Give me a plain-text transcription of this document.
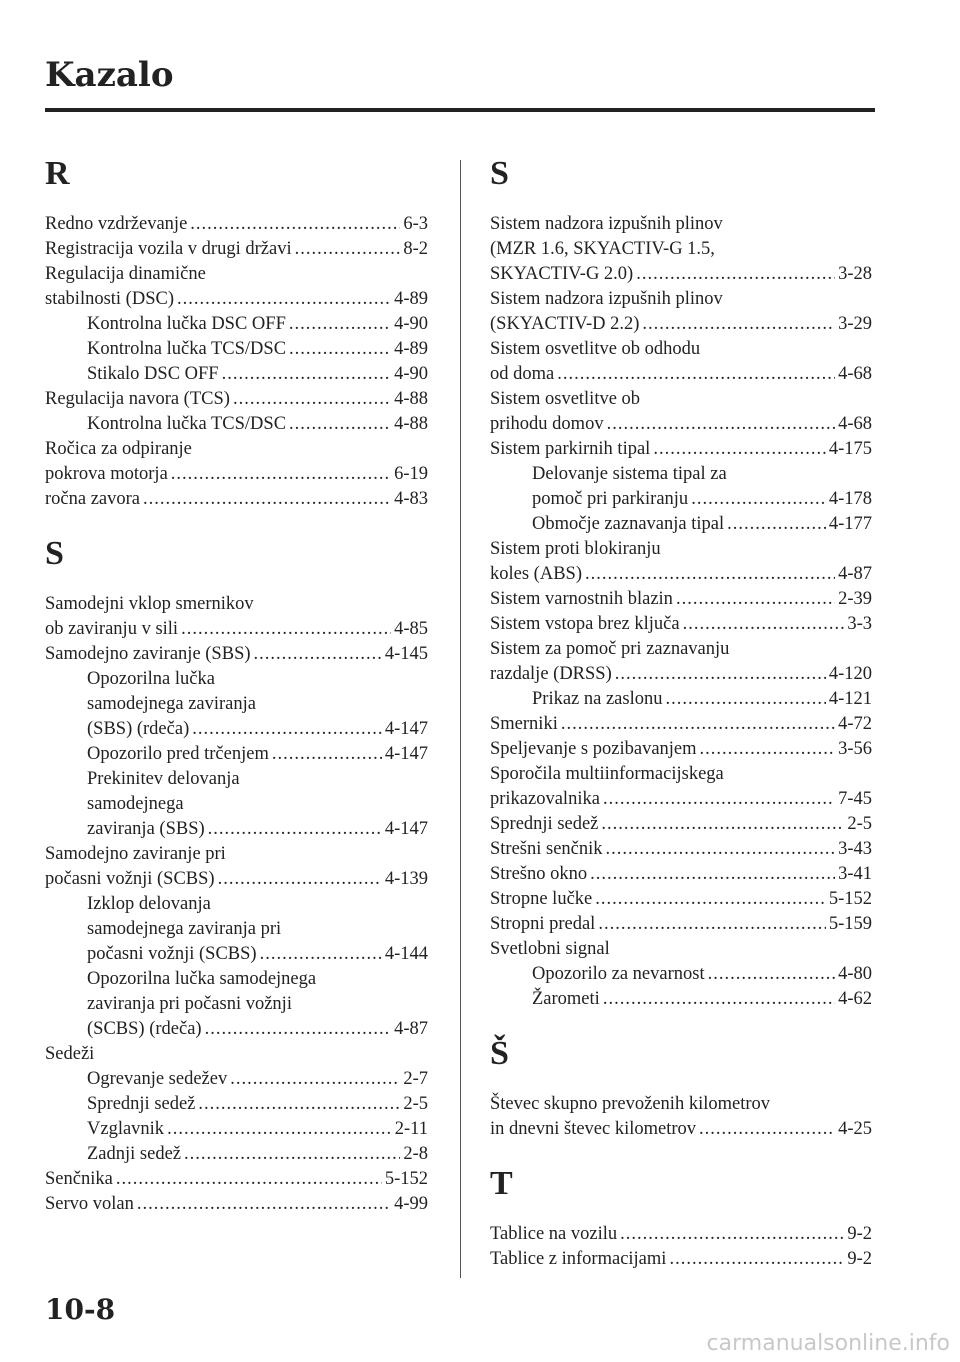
Kazalo
R
Redno vzdrževanje .....	6-3
Registracija vozila v drugi državi .....	8-2
Regulacija dinamične
stabilnosti (DSC) .....	4-89
Kontrolna lučka DSC OFF .....	4-90
Kontrolna lučka TCS/DSC .....	4-89
Stikalo DSC OFF .....	4-90
Regulacija navora (TCS) .....	4-88
Kontrolna lučka TCS/DSC .....	4-88
Ročica za odpiranje
pokrova motorja .....	6-19
ročna zavora .....	4-83
S
Samodejni vklop smernikov
ob zaviranju v sili .....	4-85
Samodejno zaviranje (SBS) .....	4-145
Opozorilna lučka
samodejnega zaviranja
(SBS) (rdeča) .....	4-147
Opozorilo pred trčenjem .....	4-147
Prekinitev delovanja
samodejnega
zaviranja (SBS) .....	4-147
Samodejno zaviranje pri
počasni vožnji (SCBS) .....	4-139
Izklop delovanja
samodejnega zaviranja pri
počasni vožnji (SCBS) .....	4-144
Opozorilna lučka samodejnega
zaviranja pri počasni vožnji
(SCBS) (rdeča) .....	4-87
Sedeži
Ogrevanje sedežev .....	2-7
Sprednji sedež .....	2-5
Vzglavnik .....	2-11
Zadnji sedež .....	2-8
Senčnika .....	5-152
Servo volan .....	4-99
S
Sistem nadzora izpušnih plinov
(MZR 1.6, SKYACTIV-G 1.5,
SKYACTIV-G 2.0) .....	3-28
Sistem nadzora izpušnih plinov
(SKYACTIV-D 2.2) .....	3-29
Sistem osvetlitve ob odhodu
od doma .....	4-68
Sistem osvetlitve ob
prihodu domov .....	4-68
Sistem parkirnih tipal .....	4-175
Delovanje sistema tipal za
pomoč pri parkiranju .....	4-178
Območje zaznavanja tipal .....	4-177
Sistem proti blokiranju
koles (ABS) .....	4-87
Sistem varnostnih blazin .....	2-39
Sistem vstopa brez ključa .....	3-3
Sistem za pomoč pri zaznavanju
razdalje (DRSS) .....	4-120
Prikaz na zaslonu .....	4-121
Smerniki .....	4-72
Speljevanje s pozibavanjem .....	3-56
Sporočila multiinformacijskega
prikazovalnika .....	7-45
Sprednji sedež .....	2-5
Strešni senčnik .....	3-43
Strešno okno .....	3-41
Stropne lučke .....	5-152
Stropni predal .....	5-159
Svetlobni signal
Opozorilo za nevarnost .....	4-80
Žarometi .....	4-62
Š
Števec skupno prevoženih kilometrov
in dnevni števec kilometrov .....	4-25
T
Tablice na vozilu .....	9-2
Tablice z informacijami .....	9-2
10-8
carmanualsonline.info
